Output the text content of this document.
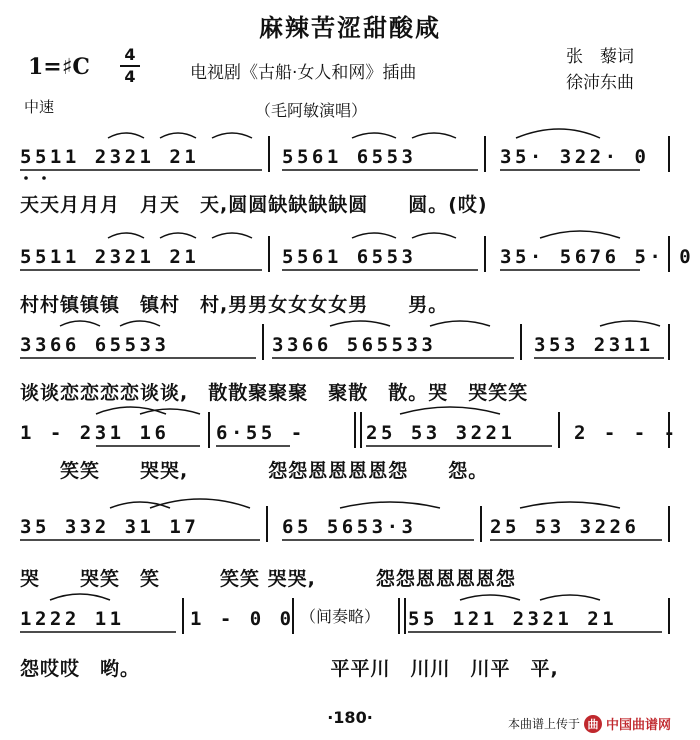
麻辣苦涩甜酸咸
1=♯C 4
4	电视剧《古船·女人和网》插曲
张　藜词
徐沛东曲
中速	（毛阿敏演唱）
5511 2321 21	5561 6553	35· 322· 0
天天月月月　月天　天,圆圆缺缺缺缺圆　　圆。(哎)
5511 2321 21	5561 6553	35· 5676 5· 0
村村镇镇镇　镇村　村,男男女女女女男　　男。
3366 65533	3366 565533	353 2311
谈谈恋恋恋恋谈谈,　散散聚聚聚　聚散　散。哭　哭笑笑
1 - 231 16 6·55 -	25 53 3221	2 - - -
　　笑笑　　哭哭,　　　　怨怨恩恩恩恩怨　　怨。
35 332 31 17	65 5653·3	25 53 3226
哭　　哭笑　笑　　　笑笑 哭哭,　　　怨怨恩恩恩恩怨
1222 11	1 - 0 0 （间奏略） 55 121 2321 21
怨哎哎　哟。　　　　　　　　　　平平川　川川　川平　平,
·180·	本曲谱上传于 曲 中国曲谱网
